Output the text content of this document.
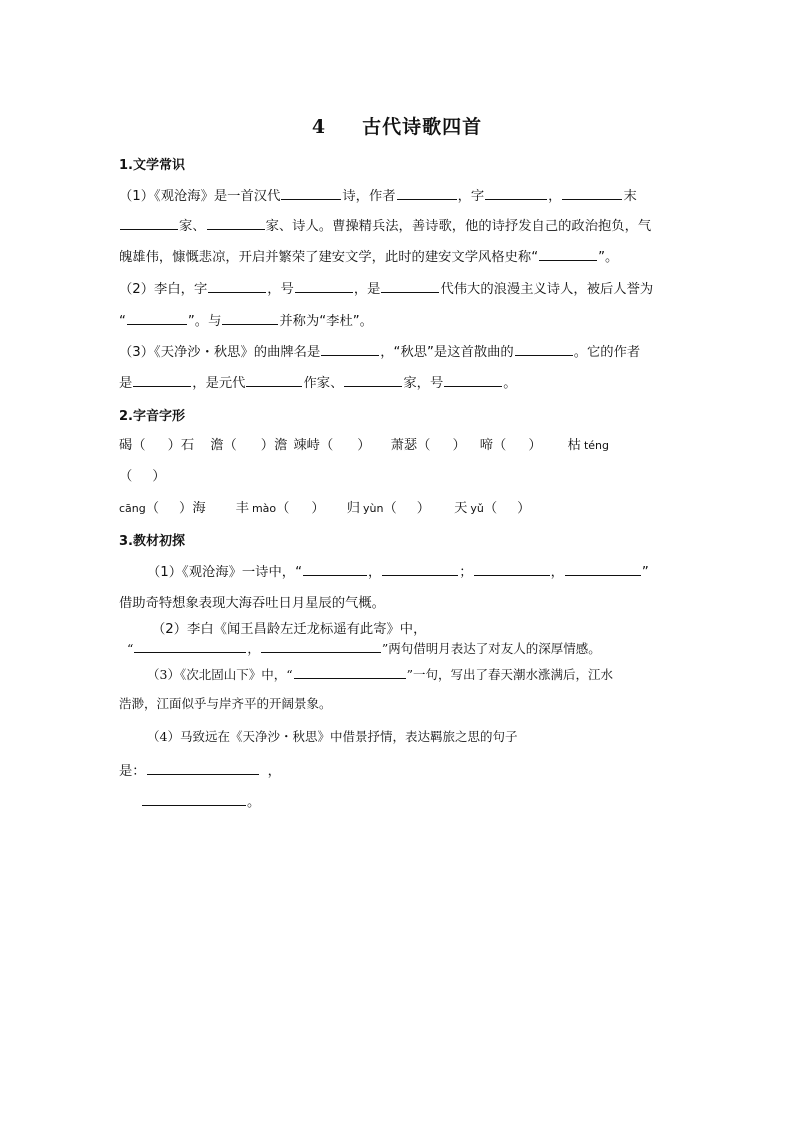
4 古代诗歌四首
1.文学常识
（1）《观沧海》是一首汉代	诗，作者	，字	，	末
家、	家、诗人。曹操精兵法，善诗歌，他的诗抒发自己的政治抱负，气
魄雄伟，慷慨悲凉，开启并繁荣了建安文学，此时的建安文学风格史称“	”。
（2）李白，字	，号	，是	代伟大的浪漫主义诗人，被后人誉为
“	”。与	并称为“李杜”。
（3）《天净沙・秋思》的曲牌名是	，“秋思”是这首散曲的	。它的作者
是	，是元代	作家、	家，号	。
2.字音字形
碣（ ）石 澹（ ）澹 竦峙（ ） 萧瑟（ ） 啼（ ） 枯 téng
（ ）
cāng（ ）海 丰 mào（ ） 归 yùn（ ） 天 yǔ（ ）
3.教材初探
（1）《观沧海》一诗中，“	，	；	，	”
借助奇特想象表现大海吞吐日月星辰的气概。
（2）李白《闻王昌龄左迁龙标遥有此寄》中，
“	，	”两句借明月表达了对友人的深厚情感。
（3）《次北固山下》中，“	”一句，写出了春天潮水涨满后，江水
浩渺，江面似乎与岸齐平的开阔景象。
（4）马致远在《天净沙・秋思》中借景抒情，表达羁旅之思的句子
是：	，
。
